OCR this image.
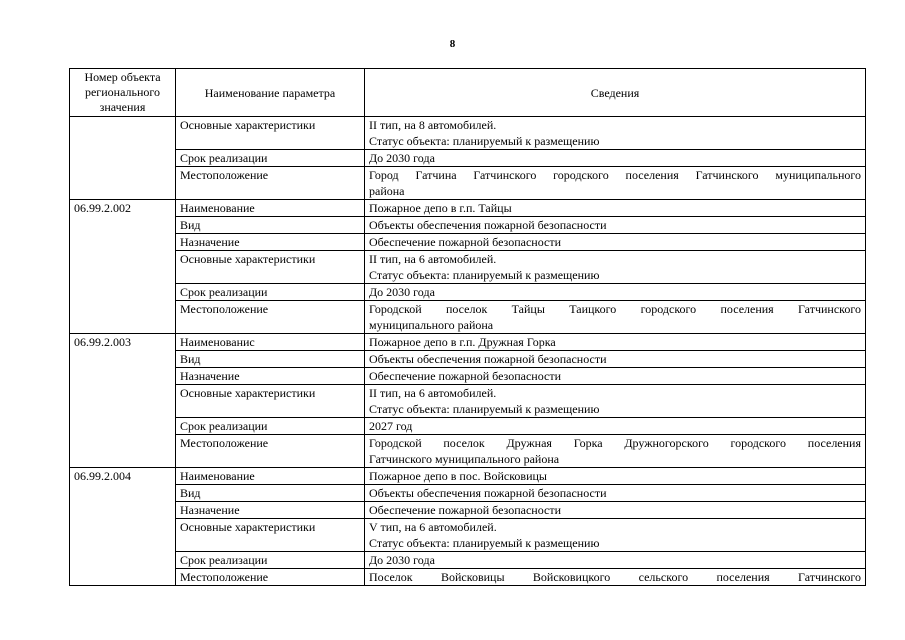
8
Номер объекта регионального значения	Наименование параметра	Сведения
	Основные характеристики	II тип, на 8 автомобилей.
Статус объекта: планируемый к размещению

	Срок реализации	До 2030 года

	Местоположение	Город Гатчина Гатчинского городского поселения Гатчинского муниципального
района

06.99.2.002	Наименование	Пожарное депо в г.п. Тайцы

	Вид	Объекты обеспечения пожарной безопасности

	Назначение	Обеспечение пожарной безопасности

	Основные характеристики	II тип, на 6 автомобилей.
Статус объекта: планируемый к размещению

	Срок реализации	До 2030 года

	Местоположение	Городской поселок Тайцы Таицкого городского поселения Гатчинского
муниципального района

06.99.2.003	Наименованис	Пожарное депо в г.п. Дружная Горка

	Вид	Объекты обеспечения пожарной безопасности

	Назначение	Обеспечение пожарной безопасности

	Основные характеристики	II тип, на 6 автомобилей.
Статус объекта: планируемый к размещению

	Срок реализации	2027 год

	Местоположение	Городской поселок Дружная Горка Дружногорского городского поселения
Гатчинского муниципального района

06.99.2.004	Наименование	Пожарное депо в пос. Войсковицы

	Вид	Объекты обеспечения пожарной безопасности

	Назначение	Обеспечение пожарной безопасности

	Основные характеристики	V тип, на 6 автомобилей.
Статус объекта: планируемый к размещению

	Срок реализации	До 2030 года

	Местоположение	Поселок Войсковицы Войсковицкого сельского поселения Гатчинского
